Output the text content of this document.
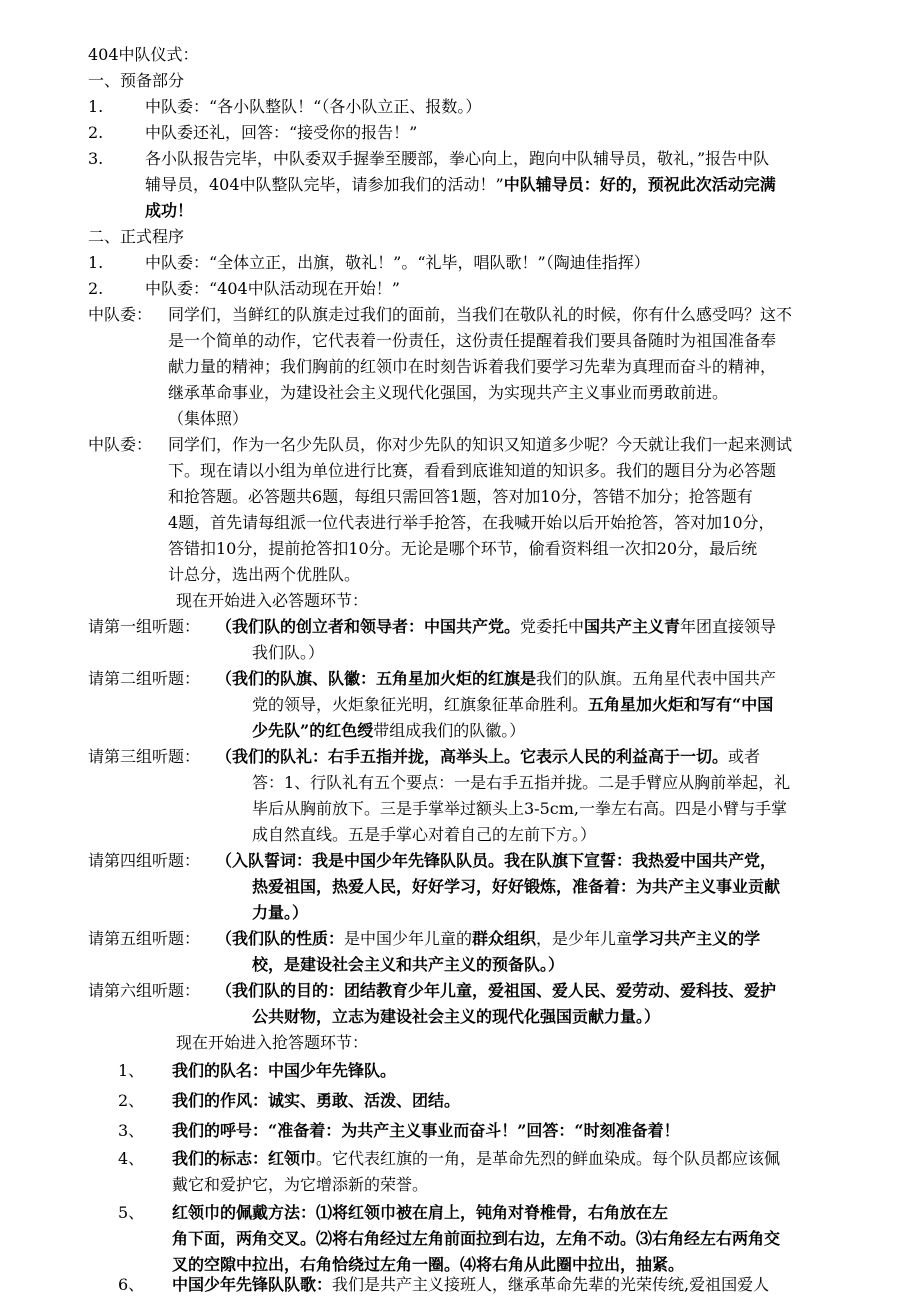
404中队仪式：
一、预备部分
1.	中队委：“各小队整队！“（各小队立正、报数。）
2.	中队委还礼，回答：“接受你的报告！”
3.	各小队报告完毕，中队委双手握拳至腰部，拳心向上，跑向中队辅导员，敬礼，”报告中队
辅导员，404中队整队完毕，请参加我们的活动！”中队辅导员：好的，预祝此次活动完满
成功！
二、正式程序
1.	中队委：“全体立正，出旗，敬礼！”。“礼毕，唱队歌！”（陶迪佳指挥）
2.	中队委：“404中队活动现在开始！”
中队委： 同学们，当鲜红的队旗走过我们的面前，当我们在敬队礼的时候，你有什么感受吗？这不
是一个简单的动作，它代表着一份责任，这份责任提醒着我们要具备随时为祖国准备奉
献力量的精神；我们胸前的红领巾在时刻告诉着我们要学习先辈为真理而奋斗的精神，
继承革命事业，为建设社会主义现代化强国，为实现共产主义事业而勇敢前进。
（集体照）
中队委： 同学们，作为一名少先队员，你对少先队的知识又知道多少呢？今天就让我们一起来测试
下。现在请以小组为单位进行比赛，看看到底谁知道的知识多。我们的题目分为必答题
和抢答题。必答题共6题，每组只需回答1题，答对加10分，答错不加分；抢答题有
4题，首先请每组派一位代表进行举手抢答，在我喊开始以后开始抢答，答对加10分，
答错扣10分，提前抢答扣10分。无论是哪个环节，偷看资料组一次扣20分，最后统
计总分，选出两个优胜队。
现在开始进入必答题环节：
请第一组听题： （我们队的创立者和领导者：中国共产党。党委托中国共产主义青年团直接领导
我们队。）
请第二组听题： （我们的队旗、队徽：五角星加火炬的红旗是我们的队旗。五角星代表中国共产
党的领导，火炬象征光明，红旗象征革命胜利。五角星加火炬和写有“中国
少先队”的红色绶带组成我们的队徽。）
请第三组听题： （我们的队礼：右手五指并拢，高举头上。它表示人民的利益高于一切。或者
答：1、行队礼有五个要点：一是右手五指并拢。二是手臂应从胸前举起，礼
毕后从胸前放下。三是手掌举过额头上3-5cm,一拳左右高。四是小臂与手掌
成自然直线。五是手掌心对着自己的左前下方。）
请第四组听题： （入队誓词：我是中国少年先锋队队员。我在队旗下宣誓：我热爱中国共产党，
热爱祖国，热爱人民，好好学习，好好锻炼，准备着：为共产主义事业贡献
力量。）
请第五组听题： （我们队的性质：是中国少年儿童的群众组织，是少年儿童学习共产主义的学
校，是建设社会主义和共产主义的预备队。）
请第六组听题： （我们队的目的：团结教育少年儿童，爱祖国、爱人民、爱劳动、爱科技、爱护
公共财物，立志为建设社会主义的现代化强国贡献力量。）
现在开始进入抢答题环节：
1、 我们的队名：中国少年先锋队。
2、 我们的作风：诚实、勇敢、活泼、团结。
3、 我们的呼号：“准备着：为共产主义事业而奋斗！”回答：“时刻准备着！
4、 我们的标志：红领巾。它代表红旗的一角，是革命先烈的鲜血染成。每个队员都应该佩
戴它和爱护它，为它增添新的荣誉。
5、 红领巾的佩戴方法：⑴将红领巾被在肩上，钝角对脊椎骨，右角放在左
角下面，两角交叉。⑵将右角经过左角前面拉到右边，左角不动。⑶右角经左右两角交
叉的空隙中拉出，右角恰绕过左角一圈。⑷将右角从此圈中拉出，抽紧。
6、 中国少年先锋队队歌：我们是共产主义接班人，继承革命先辈的光荣传统,爱祖国爱人
